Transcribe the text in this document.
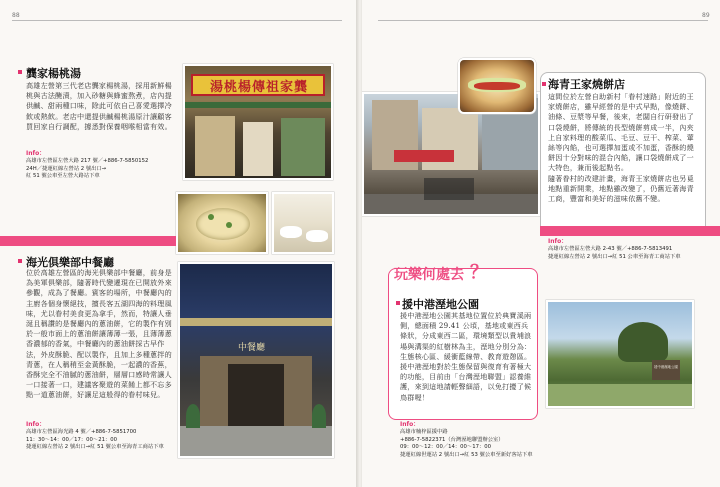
88
龔家楊桃湯
高雄左營第三代老店龔家楊桃湯，採用新鮮楊桃與古法醃漬，加入砂糖與蜂蜜熬煮，店內提供鹹、甜兩種口味，除此可依自己喜愛選擇冷飲或熱飲。老店中還提供鹹楊桃湯原汁讓顧客買回家自行調配，據悉對保養咽喉相當有效。
Info：
高雄市左營區左營大路 217 號／+886-7-5850152
24H／捷運紅線左營站 2 號出口→
紅 51 號公車至左營大路站下車
湯桃楊傳祖家龔
海光俱樂部中餐廳
位於高雄左營區的海光俱樂部中餐廳，前身是為美軍俱樂部，隨著時代變遷現在已開放外來參觀，成為了餐廳。賓客的場所，中餐廳內的主廚各個身懷絕技，擅長客五湖四海的料理風味，尤以眷村美食更為拿手，然而，特讓人垂涎且稱讚的是餐廳內的蔥油餅，它的製作有別於一般市面上的蔥油餅讓薄薄一張，且薄薄蔥香濃郁的香氣，中餐廳內的蔥油餅採古早作法，外皮酥脆、配以製作，且加上多種蔥拌的青蔥，在人稱稍至金黃酥脆，一起濃的香蕉，香酥完全不油膩的蔥油餅，層層口感時常讓人一口接著一口，建議客聚遊的菜餚上都不忘多點一道蔥油餅，好讓足這般得的眷村味兒。
Info：
高雄市左營區海光路 4 號／+886-7-5851700
11：30～14：00／17：00～21：00
捷運紅線左營站 2 號出口→紅 51 號公車至海青工商站下車
中餐廳
89
海青王家燒餅店
這間位於左營自助新村「眷村速路」附近的王家燒餅店，雖早經營的是中式早點，像燒餅、油條、豆漿等早餐，後來，老闆自行研發出了口袋燒餅，將傳統的長型燒餅剪成一半，內夾上自家料理的酸菜瓜、毛豆、豆干、榨菜、葷絲等內餡，也可選擇加蛋或不加蛋，香酥的燒餅因十分對味的混合內餡，讓口袋燒餅成了一大特色，兼而後起點名。
隨著眷村的改建計畫，海青王家燒餅店也另覓地點重新開業，地點雖改變了，仍舊近著海青工商，豐富和美好的滋味依舊不變。
Info：
高雄市左營區左營大路 2-43 號／+886-7-5813491
捷運紅線左營站 2 號出口→紅 51 公車至海青工商站下車
玩樂何處去 ？
援中港溼地公園
援中港溼地公園其基地位置位於典寶溪兩側，總面積 29.41 公頃，基地或東西兵條狀，分成東西二區，環境類型以貴埔浪場與溝渠的紅樹林為主，溼地分別分為：生態核心區、緩衝藍線帶、教育遊憩區。援中港溼地對於生態保留與復育有著極大的功能，目前由「台灣溼地聯盟」認養維護，來到這地請輕聲細語，以免打擾了候鳥群喔！
Info：
高雄市楠梓區援中路
+886-7-5822371（台灣溼地聯盟辦公室）
09：00～12：00／14：00～17：00
捷運紅線世運站 2 號出口→紅 53 號公車至新好客站下車
援中港濕地公園
